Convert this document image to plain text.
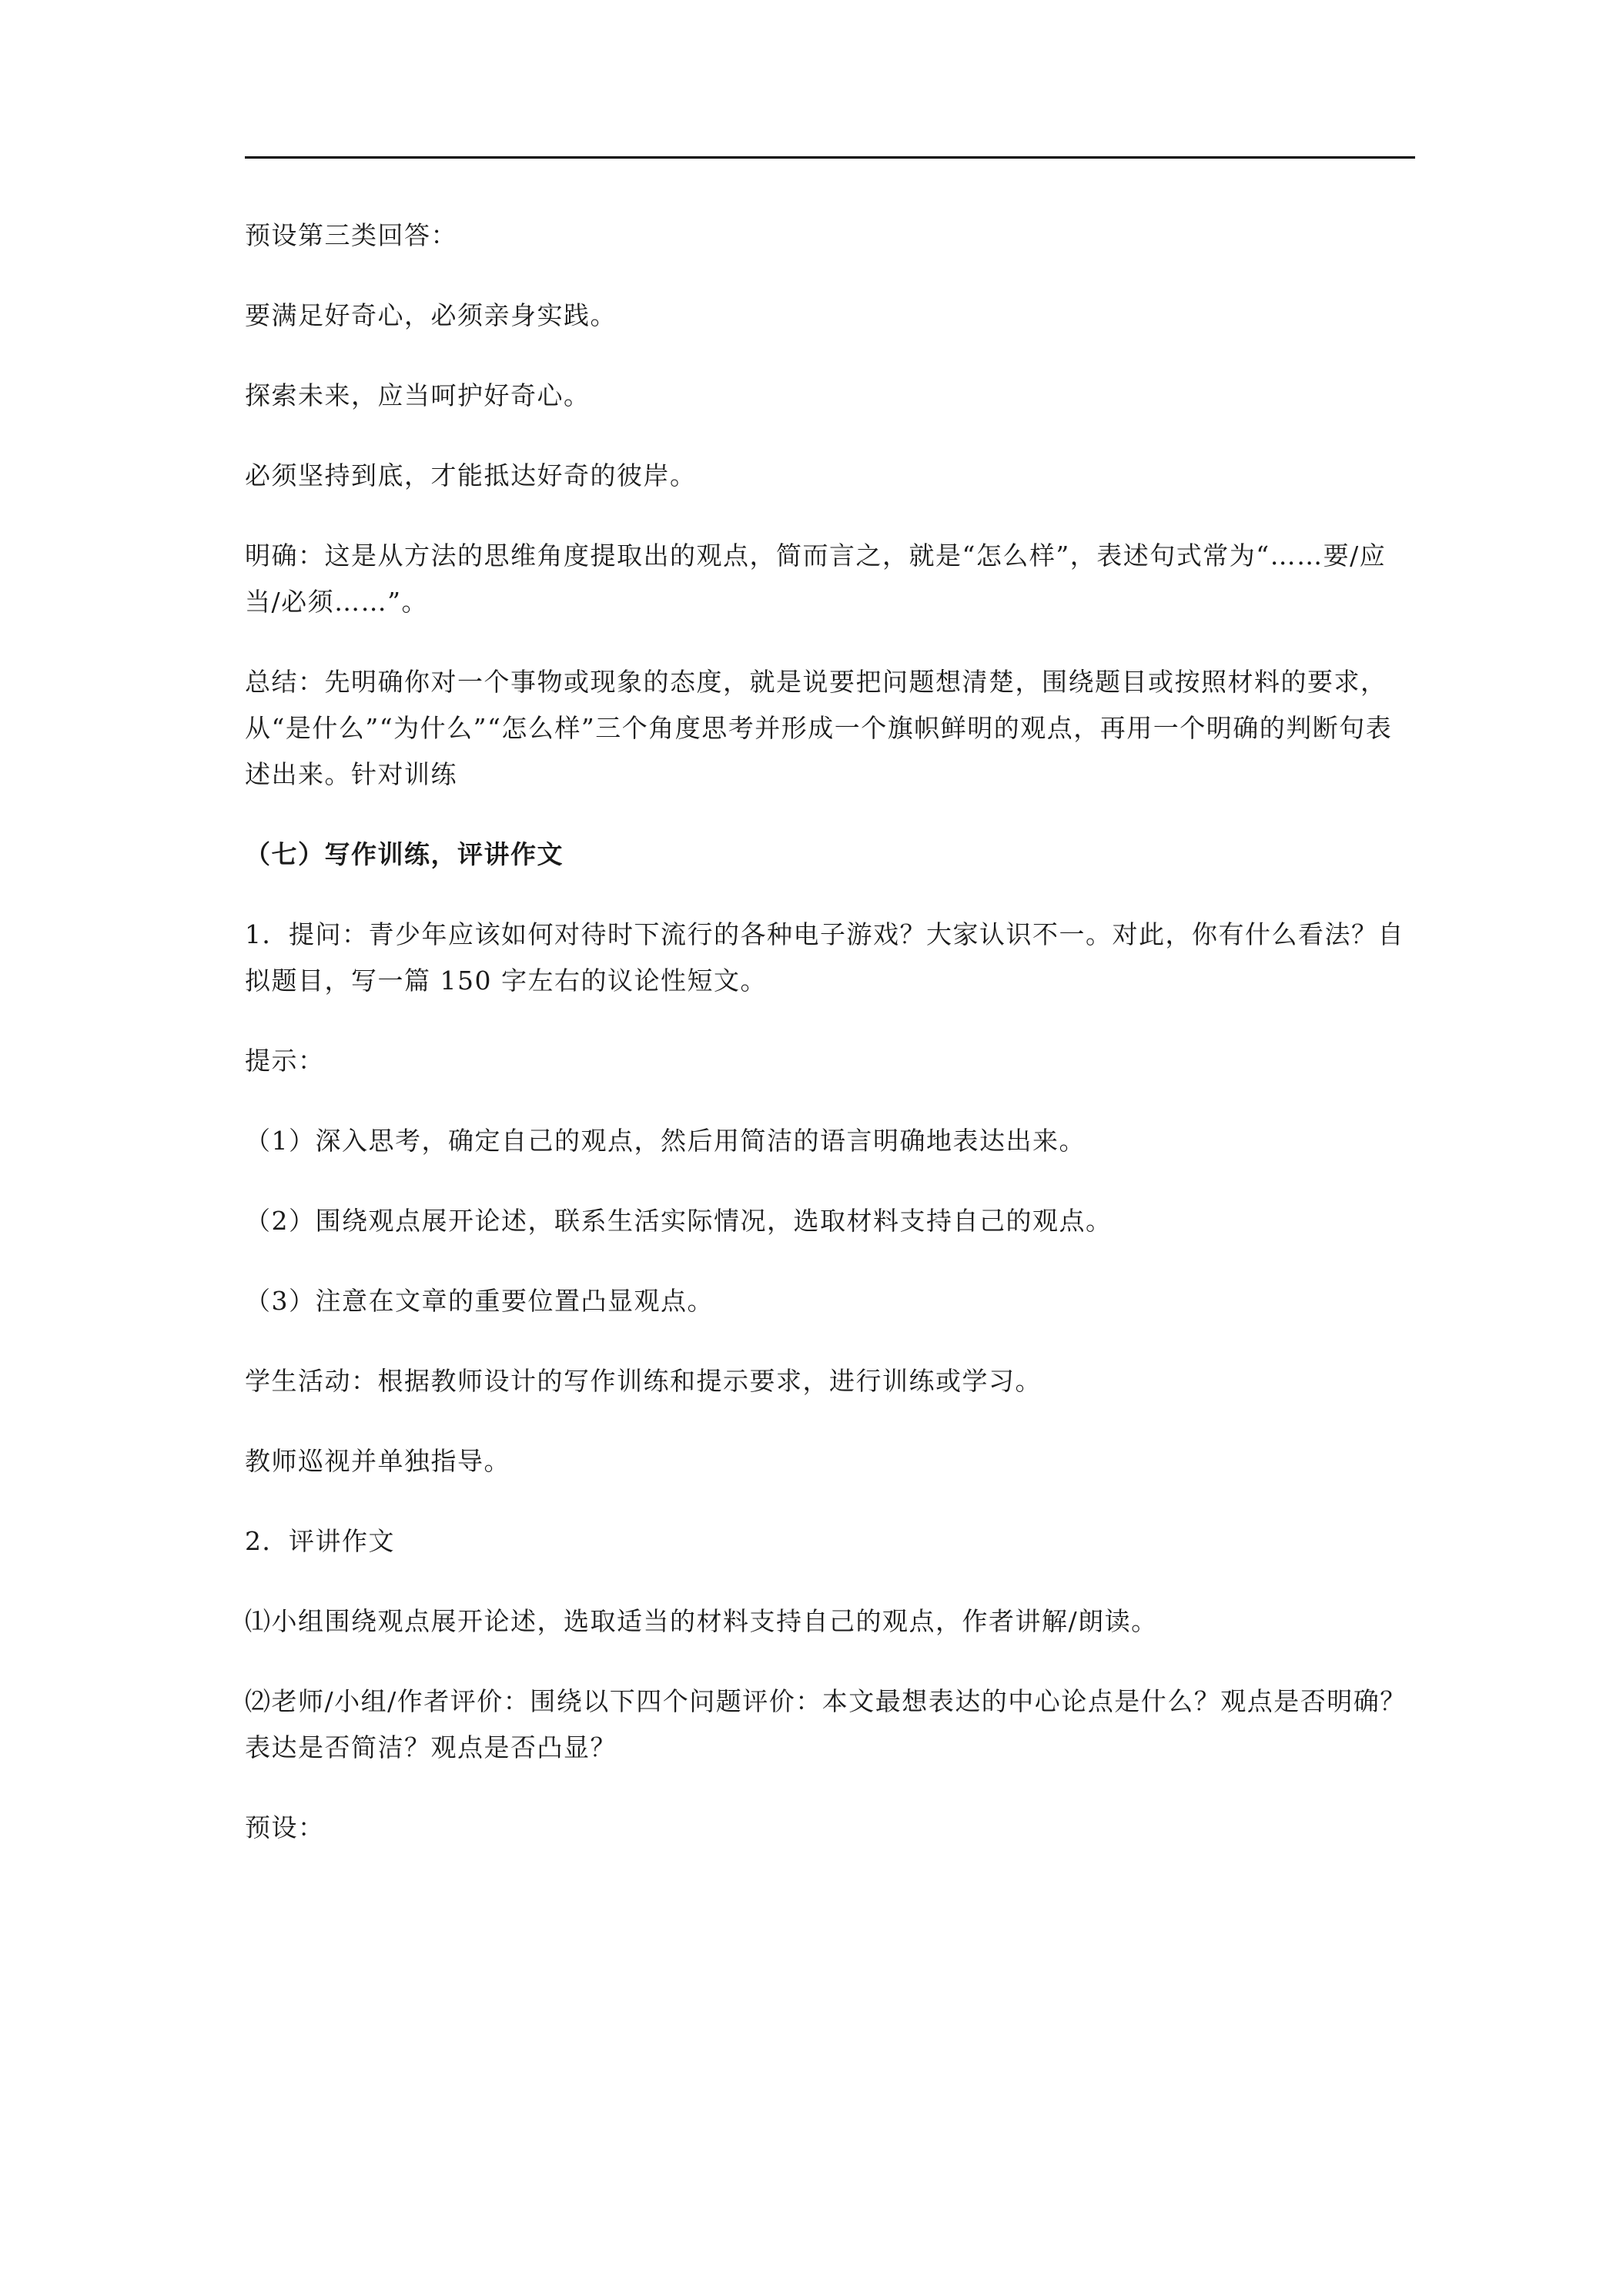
预设第三类回答：

要满足好奇心，必须亲身实践。

探索未来，应当呵护好奇心。

必须坚持到底，才能抵达好奇的彼岸。

明确：这是从方法的思维角度提取出的观点，简而言之，就是“怎么样”，表述句式常为“……要/应当/必须……”。

总结：先明确你对一个事物或现象的态度，就是说要把问题想清楚，围绕题目或按照材料的要求，从“是什么”“为什么”“怎么样”三个角度思考并形成一个旗帜鲜明的观点，再用一个明确的判断句表述出来。针对训练

（七）写作训练，评讲作文

1．提问：青少年应该如何对待时下流行的各种电子游戏？大家认识不一。对此，你有什么看法？自拟题目，写一篇 150 字左右的议论性短文。

提示：

（1）深入思考，确定自己的观点，然后用简洁的语言明确地表达出来。

（2）围绕观点展开论述，联系生活实际情况，选取材料支持自己的观点。

（3）注意在文章的重要位置凸显观点。

学生活动：根据教师设计的写作训练和提示要求，进行训练或学习。

教师巡视并单独指导。

2．评讲作文

⑴小组围绕观点展开论述，选取适当的材料支持自己的观点，作者讲解/朗读。

⑵老师/小组/作者评价：围绕以下四个问题评价：本文最想表达的中心论点是什么？观点是否明确？表达是否简洁？观点是否凸显？

预设：
